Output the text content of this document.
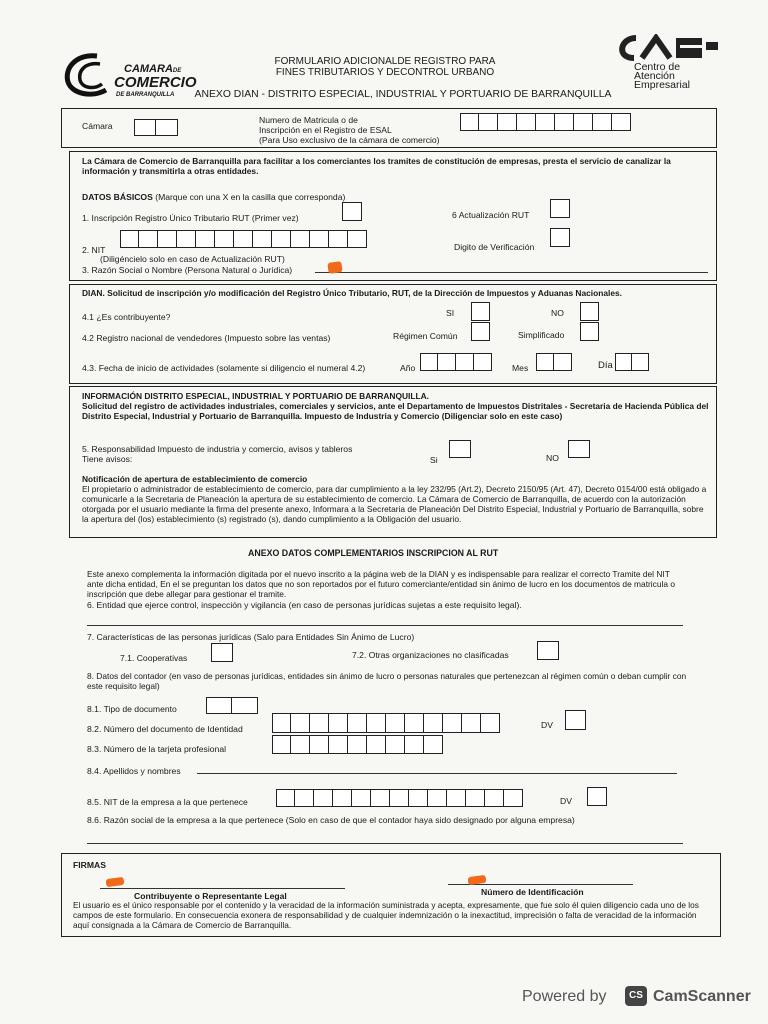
CAMARADE
COMERCIO
DE BARRANQUILLA
FORMULARIO ADICIONALDE REGISTRO PARA
FINES TRIBUTARIOS Y DECONTROL URBANO
ANEXO DIAN - DISTRITO ESPECIAL, INDUSTRIAL Y PORTUARIO DE BARRANQUILLA
Centro de
Atención
Empresarial
Cámara
Numero de Matricula o de
Inscripción en el Registro de ESAL
(Para Uso exclusivo de la cámara de comercio)
La Cámara de Comercio de Barranquilla para facilitar a los comerciantes los tramites de constitución de empresas, presta el servicio de canalizar la información y transmitirla a otras entidades.
DATOS BÁSICOS (Marque con una X en la casilla que corresponda)
1. Inscripción Registro Único Tributario RUT (Primer vez)	6 Actualización RUT
2. NIT	Digito de Verificación
(Diligéncielo solo en caso de Actualización RUT)
3. Razón Social o Nombre (Persona Natural o Jurídica)
DIAN. Solicitud de inscripción y/o modificación del Registro Único Tributario, RUT, de la Dirección de Impuestos y Aduanas Nacionales.
4.1 ¿Es contribuyente?	SI	NO
4.2 Registro nacional de vendedores (Impuesto sobre las ventas)	Régimen Común	Simplificado
4.3. Fecha de inicio de actividades (solamente si diligencio el numeral 4.2)	Año	Mes	Día
INFORMACIÓN DISTRITO ESPECIAL, INDUSTRIAL Y PORTUARIO DE BARRANQUILLA.
Solicitud del registro de actividades industriales, comerciales y servicios, ante el Departamento de Impuestos Distritales - Secretaria de Hacienda Pública del Distrito Especial, Industrial y Portuario de Barranquilla. Impuesto de Industria y Comercio (Diligenciar solo en este caso)
5. Responsabilidad Impuesto de industria y comercio, avisos y tableros
Tiene avisos:	Si	NO
Notificación de apertura de establecimiento de comercio
El propietario o administrador de establecimiento de comercio, para dar cumplimiento a la ley 232/95 (Art.2), Decreto 2150/95 (Art. 47), Decreto 0154/00 está obligado a comunicarle a la Secretaria de Planeación la apertura de su establecimiento de comercio. La Cámara de Comercio de Barranquilla, de acuerdo con la autorización otorgada por el usuario mediante la firma del presente anexo, Informara a la Secretaria de Planeación Del Distrito Especial, Industrial y Portuario de Barranquilla, sobre la apertura del (los) establecimiento (s) registrado (s), dando cumplimiento a la Obligación del usuario.
ANEXO DATOS COMPLEMENTARIOS INSCRIPCION AL RUT
Este anexo complementa la información digitada por el nuevo inscrito a la página web de la DIAN y es indispensable para realizar el correcto Tramite del NIT ante dicha entidad, En el se preguntan los datos que no son reportados por el futuro comerciante/entidad sin ánimo de lucro en los documentos de matricula o inscripción que debe allegar para gestionar el tramite.
6. Entidad que ejerce control, inspección y vigilancia (en caso de personas jurídicas sujetas a este requisito legal).
7. Características de las personas jurídicas (Salo para Entidades Sin Ánimo de Lucro)
7.1. Cooperativas	7.2. Otras organizaciones no clasificadas
8. Datos del contador (en vaso de personas jurídicas, entidades sin ánimo de lucro o personas naturales que pertenezcan al régimen común o deban cumplir con este requisito legal)
8.1. Tipo de documento
8.2. Número del documento de Identidad	DV
8.3. Número de la tarjeta profesional
8.4. Apellidos y nombres
8.5. NIT de la empresa a la que pertenece	DV
8.6. Razón social de la empresa a la que pertenece (Solo en caso de que el contador haya sido designado por alguna empresa)
FIRMAS
Contribuyente o Representante Legal	Número de Identificación
El usuario es el único responsable por el contenido y la veracidad de la información suministrada y acepta, expresamente, que fue solo él quien diligencio cada uno de los campos de este formulario. En consecuencia exonera de responsabilidad y de cualquier indemnización o la inexactitud, imprecisión o falta de veracidad de la información aquí consignada a la Cámara de Comercio de Barranquilla.
Powered by	CS CamScanner
